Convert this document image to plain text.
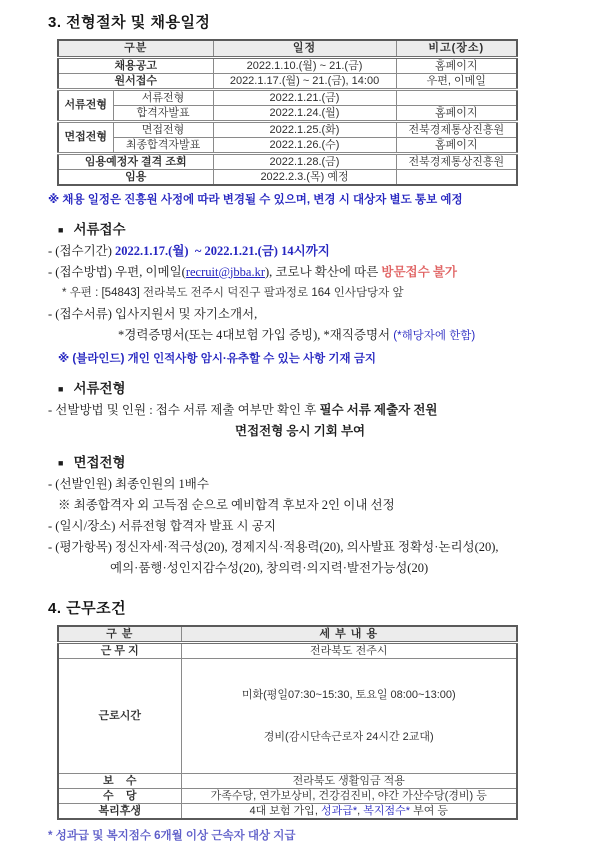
3. 전형절차 및 채용일정
구분		일정	비고(장소)
채용공고		2022.1.10.(월) ~ 21.(금)	홈페이지
원서접수		2022.1.17.(월) ~ 21.(금), 14:00	우편, 이메일
서류전형	서류전형	2022.1.21.(금)	
	합격자발표	2022.1.24.(월)	홈페이지
면접전형	면접전형	2022.1.25.(화)	전북경제통상진흥원
	최종합격자발표	2022.1.26.(수)	홈페이지
임용예정자 결격 조회		2022.1.28.(금)	전북경제통상진흥원
임용		2022.2.3.(목) 예정	
※ 채용 일정은 진흥원 사정에 따라 변경될 수 있으며, 변경 시 대상자 별도 통보 예정
■ 서류접수
- (접수기간) 2022.1.17.(월)  ~ 2022.1.21.(금) 14시까지
- (접수방법) 우편, 이메일(recruit@jbba.kr), 코로나 확산에 따른 방문접수 불가
* 우편 : [54843] 전라북도 전주시 덕진구 팔과정로 164 인사담당자 앞
- (접수서류) 입사지원서 및 자기소개서,
*경력증명서(또는 4대보험 가입 증빙), *재직증명서 (*해당자에 한함)
※ (블라인드) 개인 인적사항 암시·유추할 수 있는 사항 기재 금지
■ 서류전형
- 선발방법 및 인원 : 접수 서류 제출 여부만 확인 후 필수 서류 제출자 전원
면접전형 응시 기회 부여
■ 면접전형
- (선발인원) 최종인원의 1배수
※ 최종합격자 외 고득점 순으로 예비합격 후보자 2인 이내 선정
- (일시/장소) 서류전형 합격자 발표 시 공지
- (평가항목) 정신자세·적극성(20), 경제지식·적용력(20), 의사발표 정확성·논리성(20),
예의·품행·성인지감수성(20), 창의력·의지력·발전가능성(20)
4. 근무조건
구 분	세 부 내 용
근 무 지	전라북도 전주시
근로시간	미화(평일07:30~15:30, 토요일 08:00~13:00)

경비(감시단속근로자 24시간 2교대)

보    수	전라북도 생활임금 적용
수    당	가족수당, 연가보상비, 건강검진비, 야간 가산수당(경비) 등
복리후생	4대 보험 가입, 성과급*, 복지점수* 부여 등
* 성과급 및 복지점수 6개월 이상 근속자 대상 지급
